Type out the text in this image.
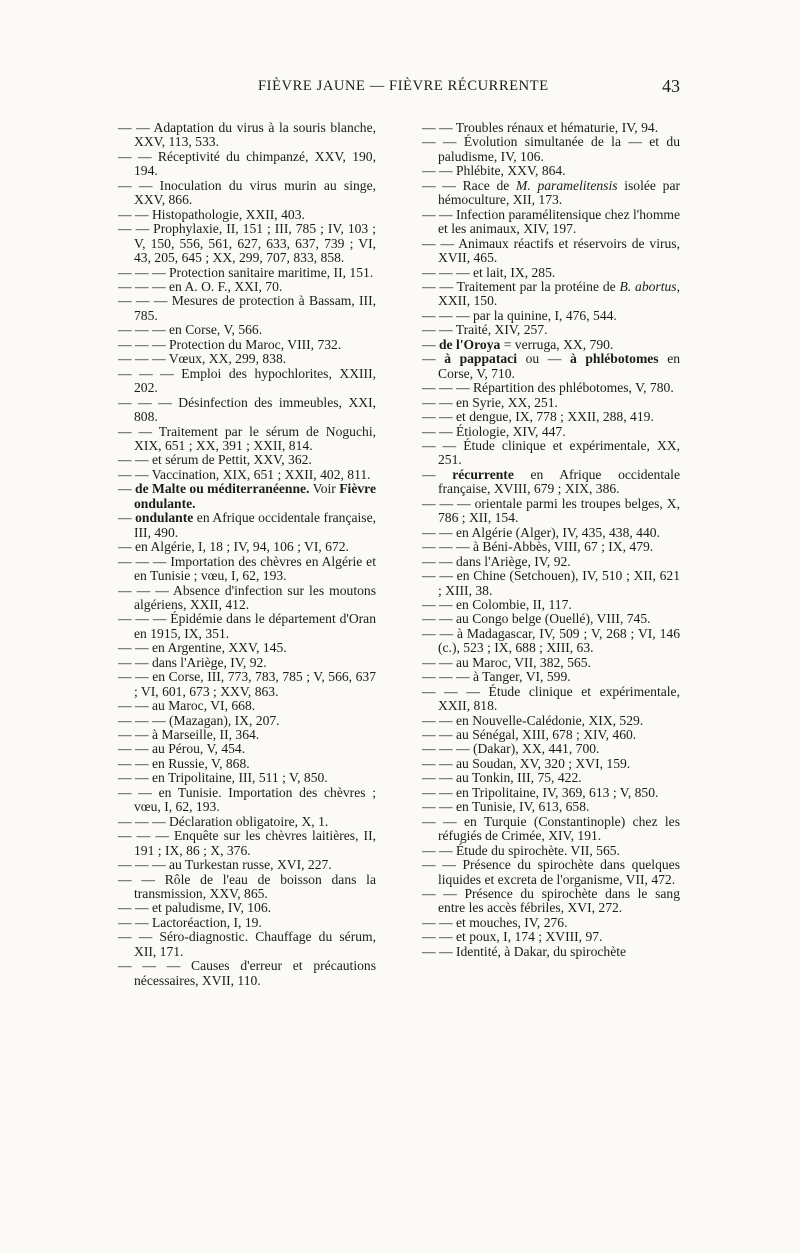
FIÈVRE JAUNE — FIÈVRE RÉCURRENTE	43
— — Adaptation du virus à la souris blanche, XXV, 113, 533.
— — Réceptivité du chimpanzé, XXV, 190, 194.
— — Inoculation du virus murin au singe, XXV, 866.
— — Histopathologie, XXII, 403.
— — Prophylaxie, II, 151 ; III, 785 ; IV, 103 ; V, 150, 556, 561, 627, 633, 637, 739 ; VI, 43, 205, 645 ; XX, 299, 707, 833, 858.
— — — Protection sanitaire maritime, II, 151.
— — — en A. O. F., XXI, 70.
— — — Mesures de protection à Bassam, III, 785.
— — — en Corse, V, 566.
— — — Protection du Maroc, VIII, 732.
— — — Vœux, XX, 299, 838.
— — — Emploi des hypochlorites, XXIII, 202.
— — — Désinfection des immeubles, XXI, 808.
— — Traitement par le sérum de Noguchi, XIX, 651 ; XX, 391 ; XXII, 814.
— — et sérum de Pettit, XXV, 362.
— — Vaccination, XIX, 651 ; XXII, 402, 811.
— de Malte ou méditerranéenne. Voir Fièvre ondulante.
— ondulante en Afrique occidentale française, III, 490.
— en Algérie, I, 18 ; IV, 94, 106 ; VI, 672.
— — — Importation des chèvres en Algérie et en Tunisie ; vœu, I, 62, 193.
— — — Absence d'infection sur les moutons algériens, XXII, 412.
— — — Épidémie dans le département d'Oran en 1915, IX, 351.
— — en Argentine, XXV, 145.
— — dans l'Ariège, IV, 92.
— — en Corse, III, 773, 783, 785 ; V, 566, 637 ; VI, 601, 673 ; XXV, 863.
— — au Maroc, VI, 668.
— — — (Mazagan), IX, 207.
— — à Marseille, II, 364.
— — au Pérou, V, 454.
— — en Russie, V, 868.
— — en Tripolitaine, III, 511 ; V, 850.
— — en Tunisie. Importation des chèvres ; vœu, I, 62, 193.
— — — Déclaration obligatoire, X, 1.
— — — Enquête sur les chèvres laitières, II, 191 ; IX, 86 ; X, 376.
— — — au Turkestan russe, XVI, 227.
— — Rôle de l'eau de boisson dans la transmission, XXV, 865.
— — et paludisme, IV, 106.
— — Lactoréaction, I, 19.
— — Séro-diagnostic. Chauffage du sérum, XII, 171.
— — — Causes d'erreur et précautions nécessaires, XVII, 110.
— — Troubles rénaux et hématurie, IV, 94.
— — Évolution simultanée de la — et du paludisme, IV, 106.
— — Phlébite, XXV, 864.
— — Race de M. paramelitensis isolée par hémoculture, XII, 173.
— — Infection paramélitensique chez l'homme et les animaux, XIV, 197.
— — Animaux réactifs et réservoirs de virus, XVII, 465.
— — — et lait, IX, 285.
— — Traitement par la protéine de B. abortus, XXII, 150.
— — — par la quinine, I, 476, 544.
— — Traité, XIV, 257.
— de l'Oroya = verruga, XX, 790.
— à pappataci ou — à phlébotomes en Corse, V, 710.
— — — Répartition des phlébotomes, V, 780.
— — en Syrie, XX, 251.
— — et dengue, IX, 778 ; XXII, 288, 419.
— — Étiologie, XIV, 447.
— — Étude clinique et expérimentale, XX, 251.
— récurrente en Afrique occidentale française, XVIII, 679 ; XIX, 386.
— — — orientale parmi les troupes belges, X, 786 ; XII, 154.
— — en Algérie (Alger), IV, 435, 438, 440.
— — — à Béni-Abbès, VIII, 67 ; IX, 479.
— — dans l'Ariège, IV, 92.
— — en Chine (Setchouen), IV, 510 ; XII, 621 ; XIII, 38.
— — en Colombie, II, 117.
— — au Congo belge (Ouellé), VIII, 745.
— — à Madagascar, IV, 509 ; V, 268 ; VI, 146 (c.), 523 ; IX, 688 ; XIII, 63.
— — au Maroc, VII, 382, 565.
— — — à Tanger, VI, 599.
— — — Étude clinique et expérimentale, XXII, 818.
— — en Nouvelle-Calédonie, XIX, 529.
— — au Sénégal, XIII, 678 ; XIV, 460.
— — — (Dakar), XX, 441, 700.
— — au Soudan, XV, 320 ; XVI, 159.
— — au Tonkin, III, 75, 422.
— — en Tripolitaine, IV, 369, 613 ; V, 850.
— — en Tunisie, IV, 613, 658.
— — en Turquie (Constantinople) chez les réfugiés de Crimée, XIV, 191.
— — Étude du spirochète. VII, 565.
— — Présence du spirochète dans quelques liquides et excreta de l'organisme, VII, 472.
— — Présence du spirochète dans le sang entre les accès fébriles, XVI, 272.
— — et mouches, IV, 276.
— — et poux, I, 174 ; XVIII, 97.
— — Identité, à Dakar, du spirochète
